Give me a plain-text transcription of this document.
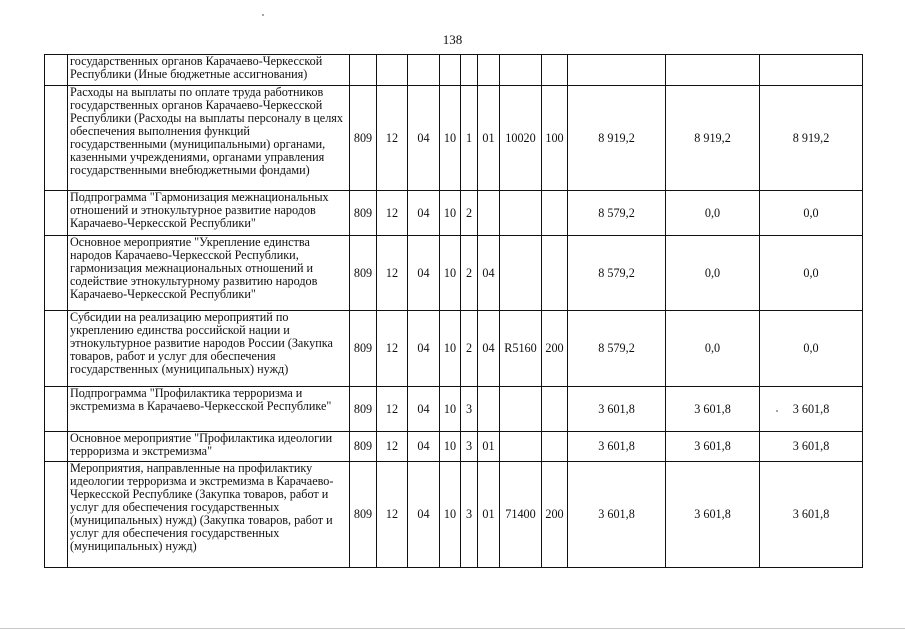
138
	государственных органов Карачаево-Черкесской Республики (Иные бюджетные ассигнования)											
	Расходы на выплаты по оплате труда работников государственных органов Карачаево-Черкесской Республики (Расходы на выплаты персоналу в целях обеспечения выполнения функций государственными (муниципальными) органами, казенными учреждениями, органами управления государственными внебюджетными фондами)	809	12	04	10	1	01	10020	100	8 919,2	8 919,2	8 919,2
	Подпрограмма "Гармонизация межнациональных отношений и этнокультурное развитие народов Карачаево-Черкесской Республики"	809	12	04	10	2				8 579,2	0,0	0,0
	Основное мероприятие "Укрепление единства народов Карачаево-Черкесской Республики, гармонизация межнациональных отношений и содействие этнокультурному развитию народов Карачаево-Черкесской Республики"	809	12	04	10	2	04			8 579,2	0,0	0,0
	Субсидии на реализацию мероприятий по укреплению единства российской нации и этнокультурное развитие народов России (Закупка товаров, работ и услуг для обеспечения государственных (муниципальных) нужд)	809	12	04	10	2	04	R5160	200	8 579,2	0,0	0,0
	Подпрограмма "Профилактика терроризма и экстремизма в Карачаево-Черкесской Республике"	809	12	04	10	3				3 601,8	3 601,8	3 601,8
	Основное мероприятие "Профилактика идеологии терроризма и экстремизма"	809	12	04	10	3	01			3 601,8	3 601,8	3 601,8
	Мероприятия, направленные на профилактику идеологии терроризма и экстремизма в Карачаево-Черкесской Республике (Закупка товаров, работ и услуг для обеспечения государственных (муниципальных) нужд) (Закупка товаров, работ и услуг для обеспечения государственных (муниципальных) нужд)	809	12	04	10	3	01	71400	200	3 601,8	3 601,8	3 601,8
